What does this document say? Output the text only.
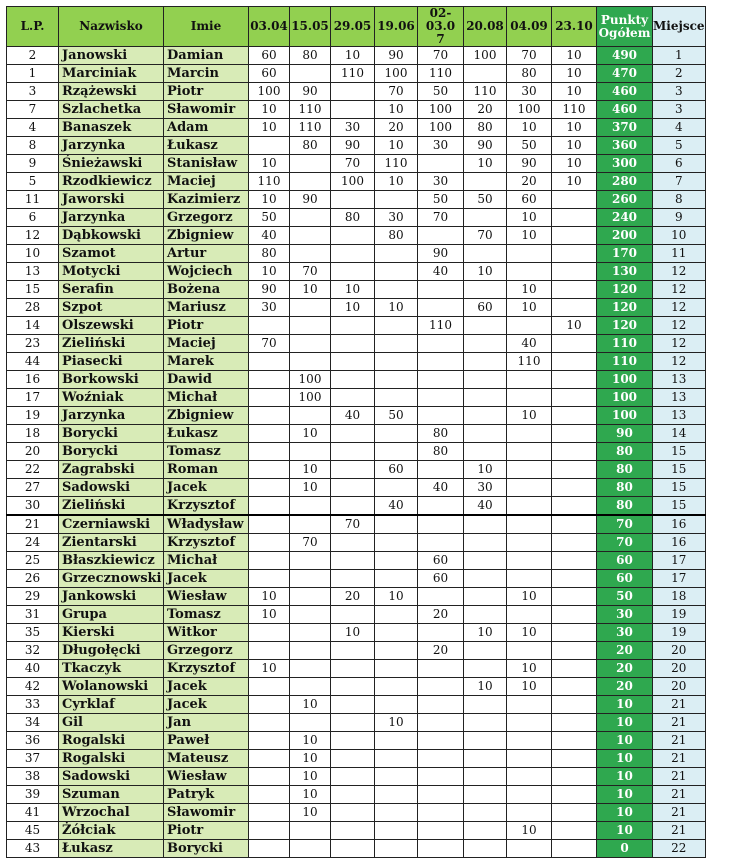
L.P.	Nazwisko	Imie	03.04	15.05	29.05	19.06	02-03.07	20.08	04.09	23.10	Punkty Ogółem	Miejsce
2	Janowski	Damian	60	80	10	90	70	100	70	10	490	1
1	Marciniak	Marcin	60		110	100	110		80	10	470	2
3	Rzążewski	Piotr	100	90		70	50	110	30	10	460	3
7	Szlachetka	Sławomir	10	110		10	100	20	100	110	460	3
4	Banaszek	Adam	10	110	30	20	100	80	10	10	370	4
8	Jarzynka	Łukasz		80	90	10	30	90	50	10	360	5
9	Śnieżawski	Stanisław	10		70	110		10	90	10	300	6
5	Rzodkiewicz	Maciej	110		100	10	30		20	10	280	7
11	Jaworski	Kazimierz	10	90			50	50	60		260	8
6	Jarzynka	Grzegorz	50		80	30	70		10		240	9
12	Dąbkowski	Zbigniew	40			80		70	10		200	10
10	Szamot	Artur	80				90				170	11
13	Motycki	Wojciech	10	70			40	10			130	12
15	Serafin	Bożena	90	10	10				10		120	12
28	Szpot	Mariusz	30		10	10		60	10		120	12
14	Olszewski	Piotr					110			10	120	12
23	Zieliński	Maciej	70						40		110	12
44	Piasecki	Marek							110		110	12
16	Borkowski	Dawid		100							100	13
17	Woźniak	Michał		100							100	13
19	Jarzynka	Zbigniew			40	50			10		100	13
18	Borycki	Łukasz		10			80				90	14
20	Borycki	Tomasz					80				80	15
22	Zagrabski	Roman		10		60		10			80	15
27	Sadowski	Jacek		10			40	30			80	15
30	Zieliński	Krzysztof				40		40			80	15
21	Czerniawski	Władysław			70						70	16
24	Zientarski	Krzysztof		70							70	16
25	Błaszkiewicz	Michał					60				60	17
26	Grzecznowski	Jacek					60				60	17
29	Jankowski	Wiesław	10		20	10			10		50	18
31	Grupa	Tomasz	10				20				30	19
35	Kierski	Witkor			10			10	10		30	19
32	Długołęcki	Grzegorz					20				20	20
40	Tkaczyk	Krzysztof	10						10		20	20
42	Wolanowski	Jacek						10	10		20	20
33	Cyrklaf	Jacek		10							10	21
34	Gil	Jan				10					10	21
36	Rogalski	Paweł		10							10	21
37	Rogalski	Mateusz		10							10	21
38	Sadowski	Wiesław		10							10	21
39	Szuman	Patryk		10							10	21
41	Wrzochal	Sławomir		10							10	21
45	Żółciak	Piotr							10		10	21
43	Łukasz	Borycki									0	22
